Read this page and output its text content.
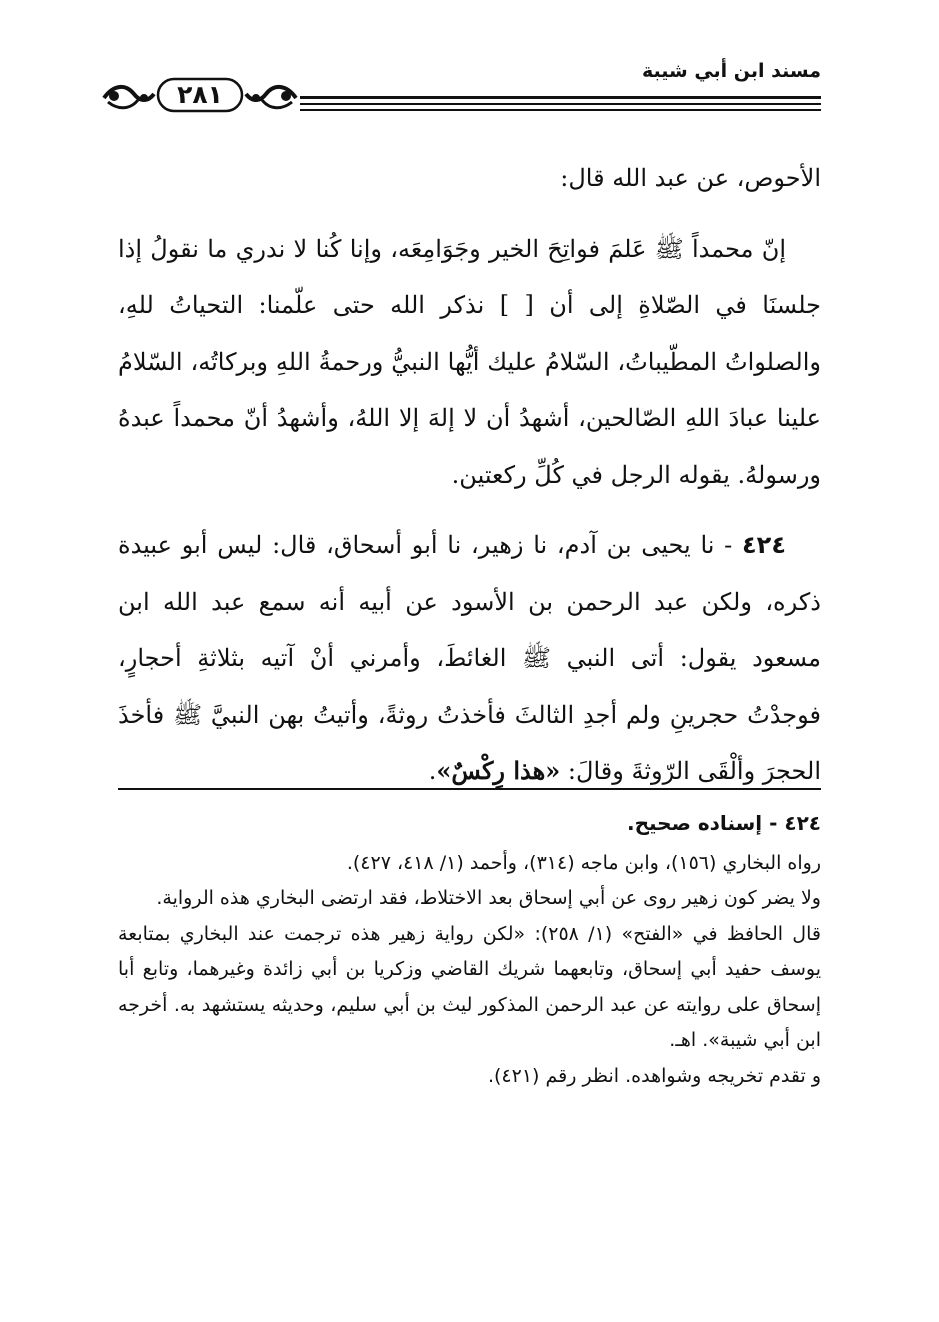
مسند ابن أبي شيبة
٢٨١

الأحوص، عن عبد الله قال:

إنّ محمداً ﷺ عَلمَ فواتِحَ الخير وجَوَامِعَه، وإنا كُنا لا ندري ما نقولُ إذا جلسنَا في الصّلاةِ إلى أن [ ] نذكر الله حتى علّمنا: التحياتُ للهِ، والصلواتُ المطّيباتُ، السّلامُ عليك أيُّها النبيُّ ورحمةُ اللهِ وبركاتُه، السّلامُ علينا عبادَ اللهِ الصّالحين، أشهدُ أن لا إلهَ إلا اللهُ، وأشهدُ أنّ محمداً عبدهُ ورسولهُ. يقوله الرجل في كُلِّ ركعتين.

٤٢٤ - نا يحيى بن آدم، نا زهير، نا أبو أسحاق، قال: ليس أبو عبيدة ذكره، ولكن عبد الرحمن بن الأسود عن أبيه أنه سمع عبد الله ابن مسعود يقول: أتى النبي ﷺ الغائطَ، وأمرني أنْ آتيه بثلاثةِ أحجارٍ، فوجدْتُ حجرينِ ولم أجدِ الثالثَ فأخذتُ روثةً، وأتيتُ بهن النبيَّ ﷺ فأخذَ الحجرَ وألْقَى الرّوثةَ وقالَ: «هذا رِكْسٌ».

٤٢٤ - إسناده صحيح.

رواه البخاري (١٥٦)، وابن ماجه (٣١٤)، وأحمد (١/ ٤١٨، ٤٢٧).

ولا يضر كون زهير روى عن أبي إسحاق بعد الاختلاط، فقد ارتضى البخاري هذه الرواية.

قال الحافظ في «الفتح» (١/ ٢٥٨): «لكن رواية زهير هذه ترجمت عند البخاري بمتابعة يوسف حفيد أبي إسحاق، وتابعهما شريك القاضي وزكريا بن أبي زائدة وغيرهما، وتابع أبا إسحاق على روايته عن عبد الرحمن المذكور ليث بن أبي سليم، وحديثه يستشهد به. أخرجه ابن أبي شيبة». اهـ.

و تقدم تخريجه وشواهده. انظر رقم (٤٢١).
